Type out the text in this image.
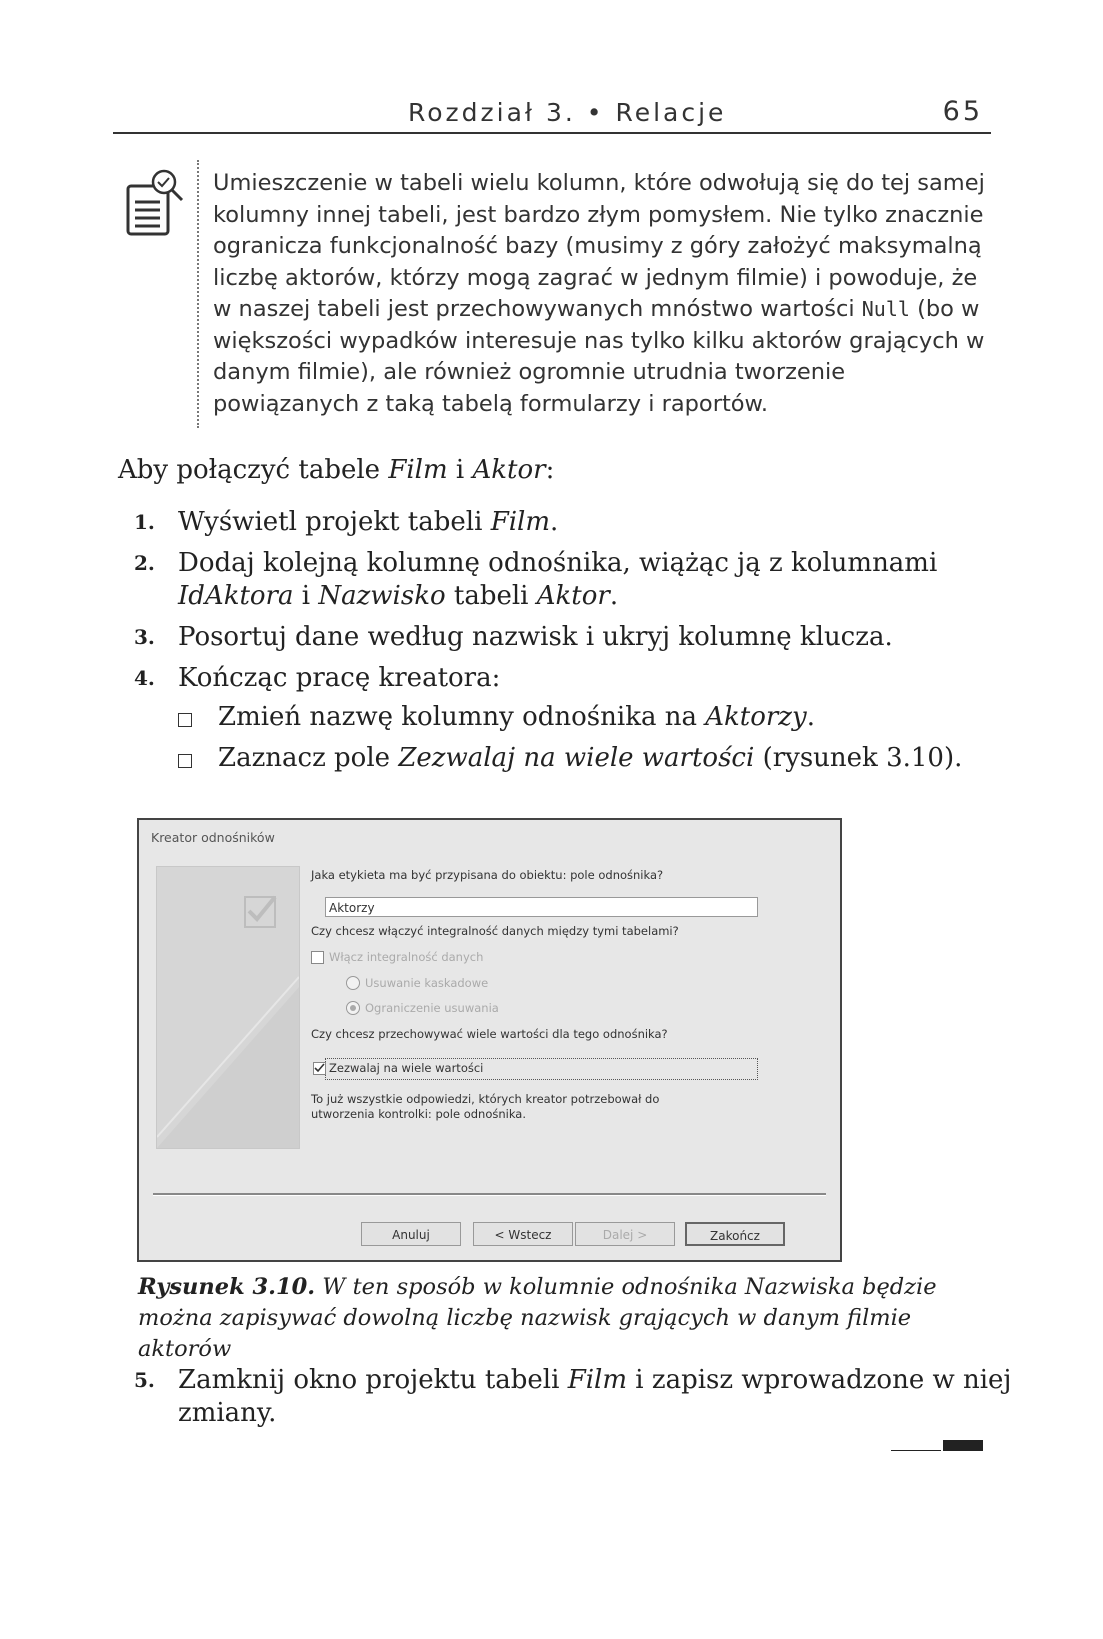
Rozdział 3. • Relacje	65

Umieszczenie w tabeli wielu kolumn, które odwołują się do tej samej kolumny innej tabeli, jest bardzo złym pomysłem. Nie tylko znacznie ogranicza funkcjonalność bazy (musimy z góry założyć maksymalną liczbę aktorów, którzy mogą zagrać w jednym filmie) i powoduje, że w naszej tabeli jest przechowywanych mnóstwo wartości Null (bo w większości wypadków interesuje nas tylko kilku aktorów grających w danym filmie), ale również ogromnie utrudnia tworzenie powiązanych z taką tabelą formularzy i raportów.

Aby połączyć tabele Film i Aktor:

1. Wyświetl projekt tabeli Film.
2. Dodaj kolejną kolumnę odnośnika, wiążąc ją z kolumnami IdAktora i Nazwisko tabeli Aktor.
3. Posortuj dane według nazwisk i ukryj kolumnę klucza.
4. Kończąc pracę kreatora:
Zmień nazwę kolumny odnośnika na Aktorzy.
Zaznacz pole Zezwalaj na wiele wartości (rysunek 3.10).
Kreator odnośników
Jaka etykieta ma być przypisana do obiektu: pole odnośnika?
Aktorzy
Czy chcesz włączyć integralność danych między tymi tabelami?
Włącz integralność danych
Usuwanie kaskadowe
Ograniczenie usuwania
Czy chcesz przechowywać wiele wartości dla tego odnośnika?
Zezwalaj na wiele wartości
To już wszystkie odpowiedzi, których kreator potrzebował do
utworzenia kontrolki: pole odnośnika.
Anuluj	< Wstecz	Dalej >	Zakończ

Rysunek 3.10. W ten sposób w kolumnie odnośnika Nazwiska będzie można zapisywać dowolną liczbę nazwisk grających w danym filmie aktorów

5. Zamknij okno projektu tabeli Film i zapisz wprowadzone w niej zmiany.
